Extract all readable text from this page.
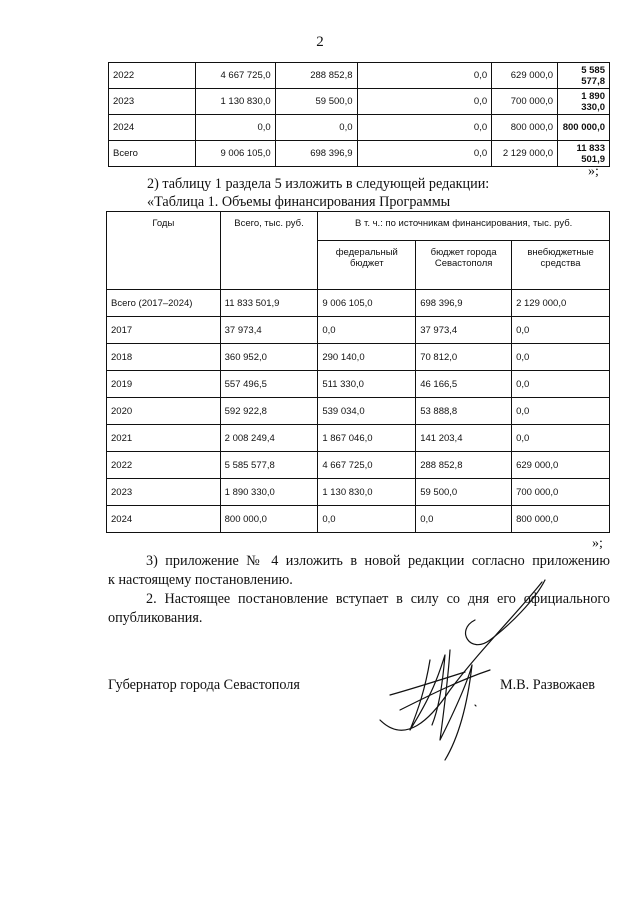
2
2022	4 667 725,0	288 852,8	0,0	629 000,0	5 585 577,8
2023	1 130 830,0	59 500,0	0,0	700 000,0	1 890 330,0
2024	0,0	0,0	0,0	800 000,0	800 000,0
Всего	9 006 105,0	698 396,9	0,0	2 129 000,0	11 833 501,9
»;
2) таблицу 1 раздела 5 изложить в следующей редакции:
«Таблица 1. Объемы финансирования Программы
Годы	Всего, тыс. руб.	В т. ч.: по источникам финансирования, тыс. руб.		
		федеральный бюджет	бюджет города Севастополя	внебюджетные средства
Всего (2017–2024)	11 833 501,9	9 006 105,0	698 396,9	2 129 000,0
2017	37 973,4	0,0	37 973,4	0,0
2018	360 952,0	290 140,0	70 812,0	0,0
2019	557 496,5	511 330,0	46 166,5	0,0
2020	592 922,8	539 034,0	53 888,8	0,0
2021	2 008 249,4	1 867 046,0	141 203,4	0,0
2022	5 585 577,8	4 667 725,0	288 852,8	629 000,0
2023	1 890 330,0	1 130 830,0	59 500,0	700 000,0
2024	800 000,0	0,0	0,0	800 000,0
»;
3) приложение № 4 изложить в новой редакции согласно приложению
к настоящему постановлению.
2. Настоящее постановление вступает в силу со дня его официального
опубликования.
Губернатор города Севастополя	М.В. Развожаев
